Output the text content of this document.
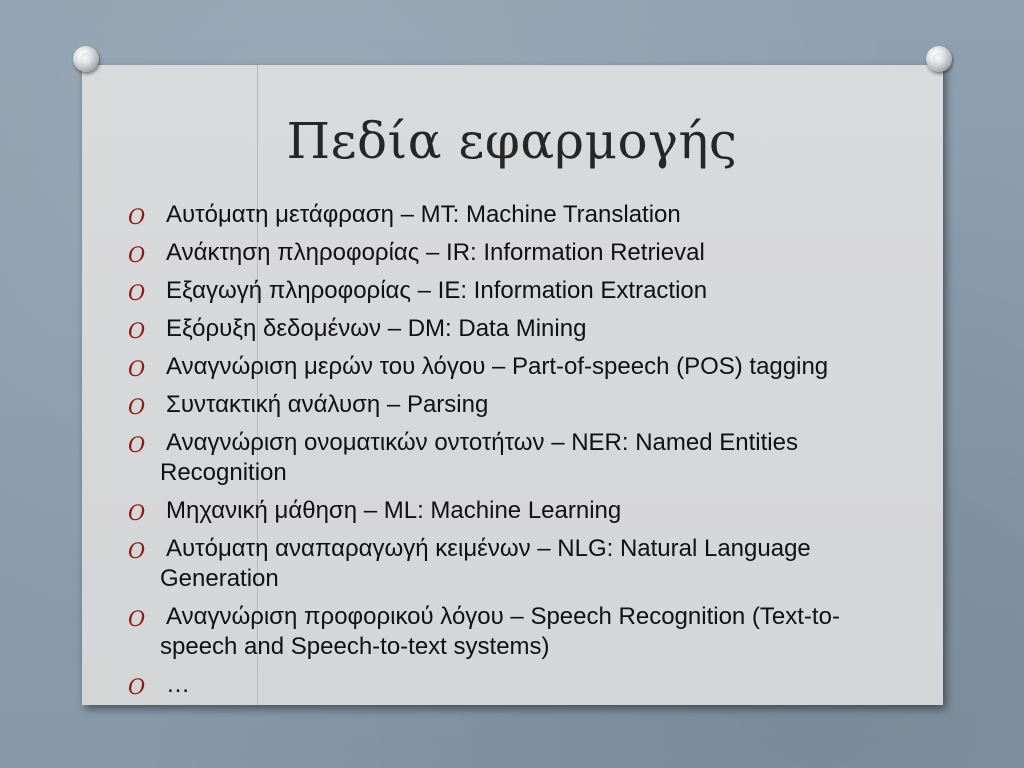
Πεδία εφαρμογής
O Αυτόματη μετάφραση – MT: Machine Translation
O Ανάκτηση πληροφορίας – IR: Information Retrieval
O Εξαγωγή πληροφορίας – IE: Information Extraction
O Εξόρυξη δεδομένων – DM: Data Mining
O Αναγνώριση μερών του λόγου – Part-of-speech (POS) tagging
O Συντακτική ανάλυση – Parsing
O Αναγνώριση ονοματικών οντοτήτων – NER: Named Entities Recognition
O Μηχανική μάθηση – ML: Machine Learning
O Αυτόματη αναπαραγωγή κειμένων – NLG: Natural Language Generation
O Αναγνώριση προφορικού λόγου – Speech Recognition (Text-to-speech and Speech-to-text systems)
O …
